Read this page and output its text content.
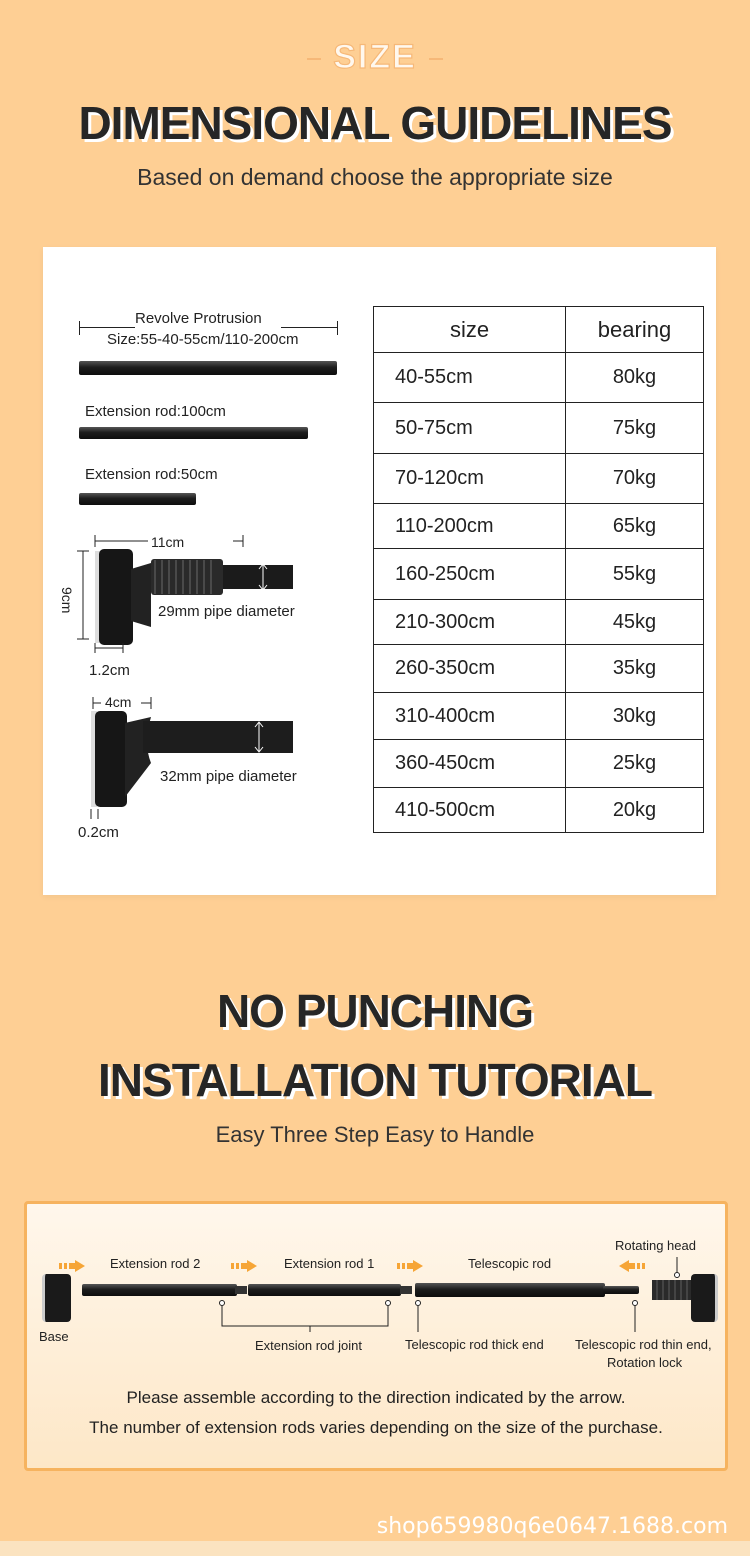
SIZE
DIMENSIONAL GUIDELINES
Based on demand choose the appropriate size
Revolve Protrusion
Size:55-40-55cm/110-200cm
Extension rod:100cm
Extension rod:50cm
11cm
9cm	29mm pipe diameter
1.2cm
4cm
32mm pipe diameter
0.2cm
size	bearing
40-55cm	80kg
50-75cm	75kg
70-120cm	70kg
110-200cm	65kg
160-250cm	55kg
210-300cm	45kg
260-350cm	35kg
310-400cm	30kg
360-450cm	25kg
410-500cm	20kg
NO PUNCHING
INSTALLATION TUTORIAL
Easy Three Step Easy to Handle
Extension rod 2	Extension rod 1	Telescopic rod
Rotating head
Base
Extension rod joint	Telescopic rod thick end Telescopic rod thin end,
Rotation lock
Please assemble according to the direction indicated by the arrow.
The number of extension rods varies depending on the size of the purchase.
shop659980q6e0647.1688.com
